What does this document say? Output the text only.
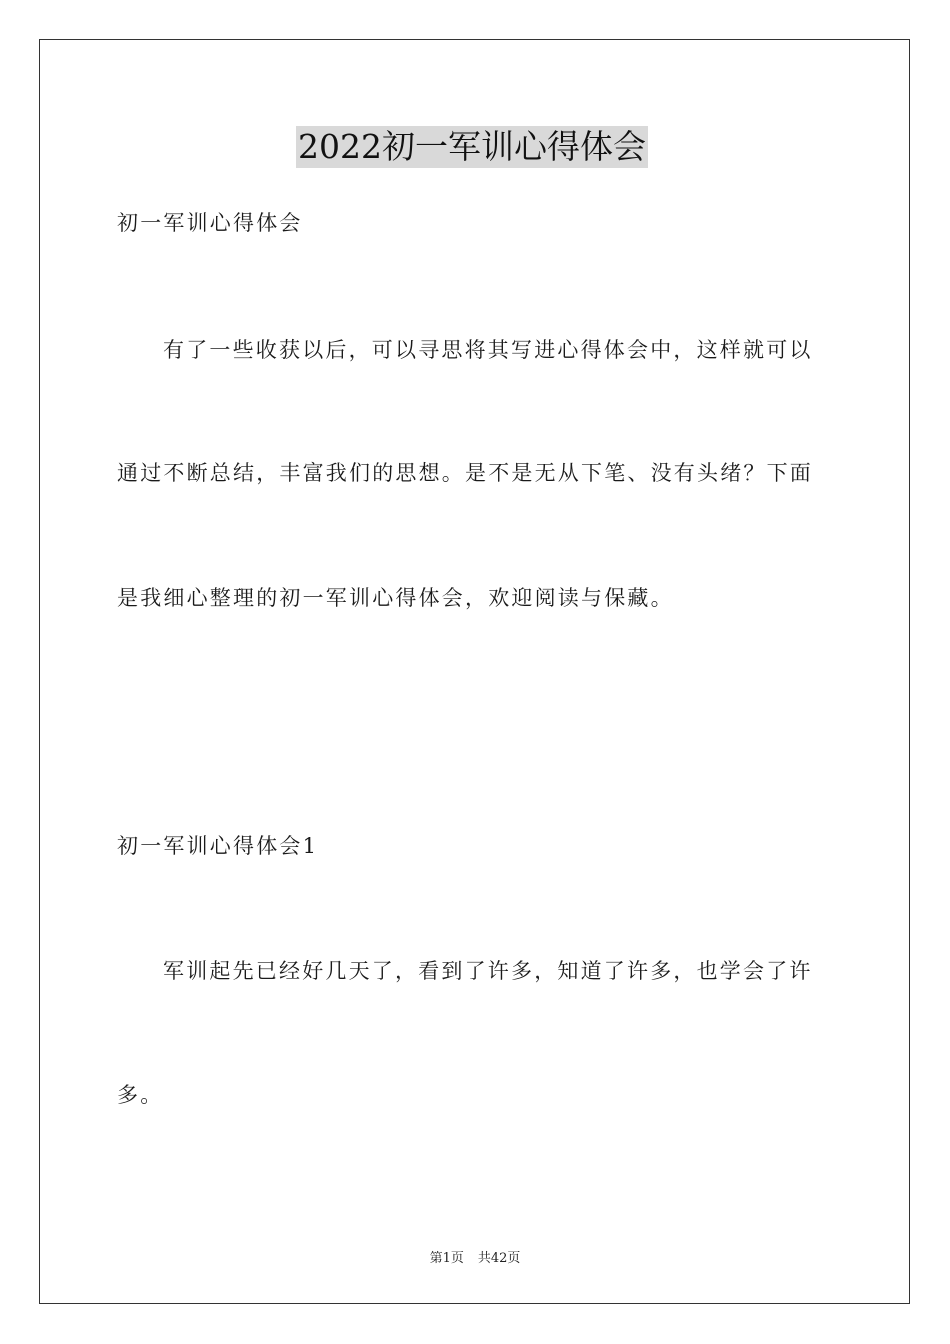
2022初一军训心得体会
初一军训心得体会
有了一些收获以后，可以寻思将其写进心得体会中，这样就可以
通过不断总结，丰富我们的思想。是不是无从下笔、没有头绪？下面
是我细心整理的初一军训心得体会，欢迎阅读与保藏。
初一军训心得体会1
军训起先已经好几天了，看到了许多，知道了许多，也学会了许
多。
第1页 共42页
